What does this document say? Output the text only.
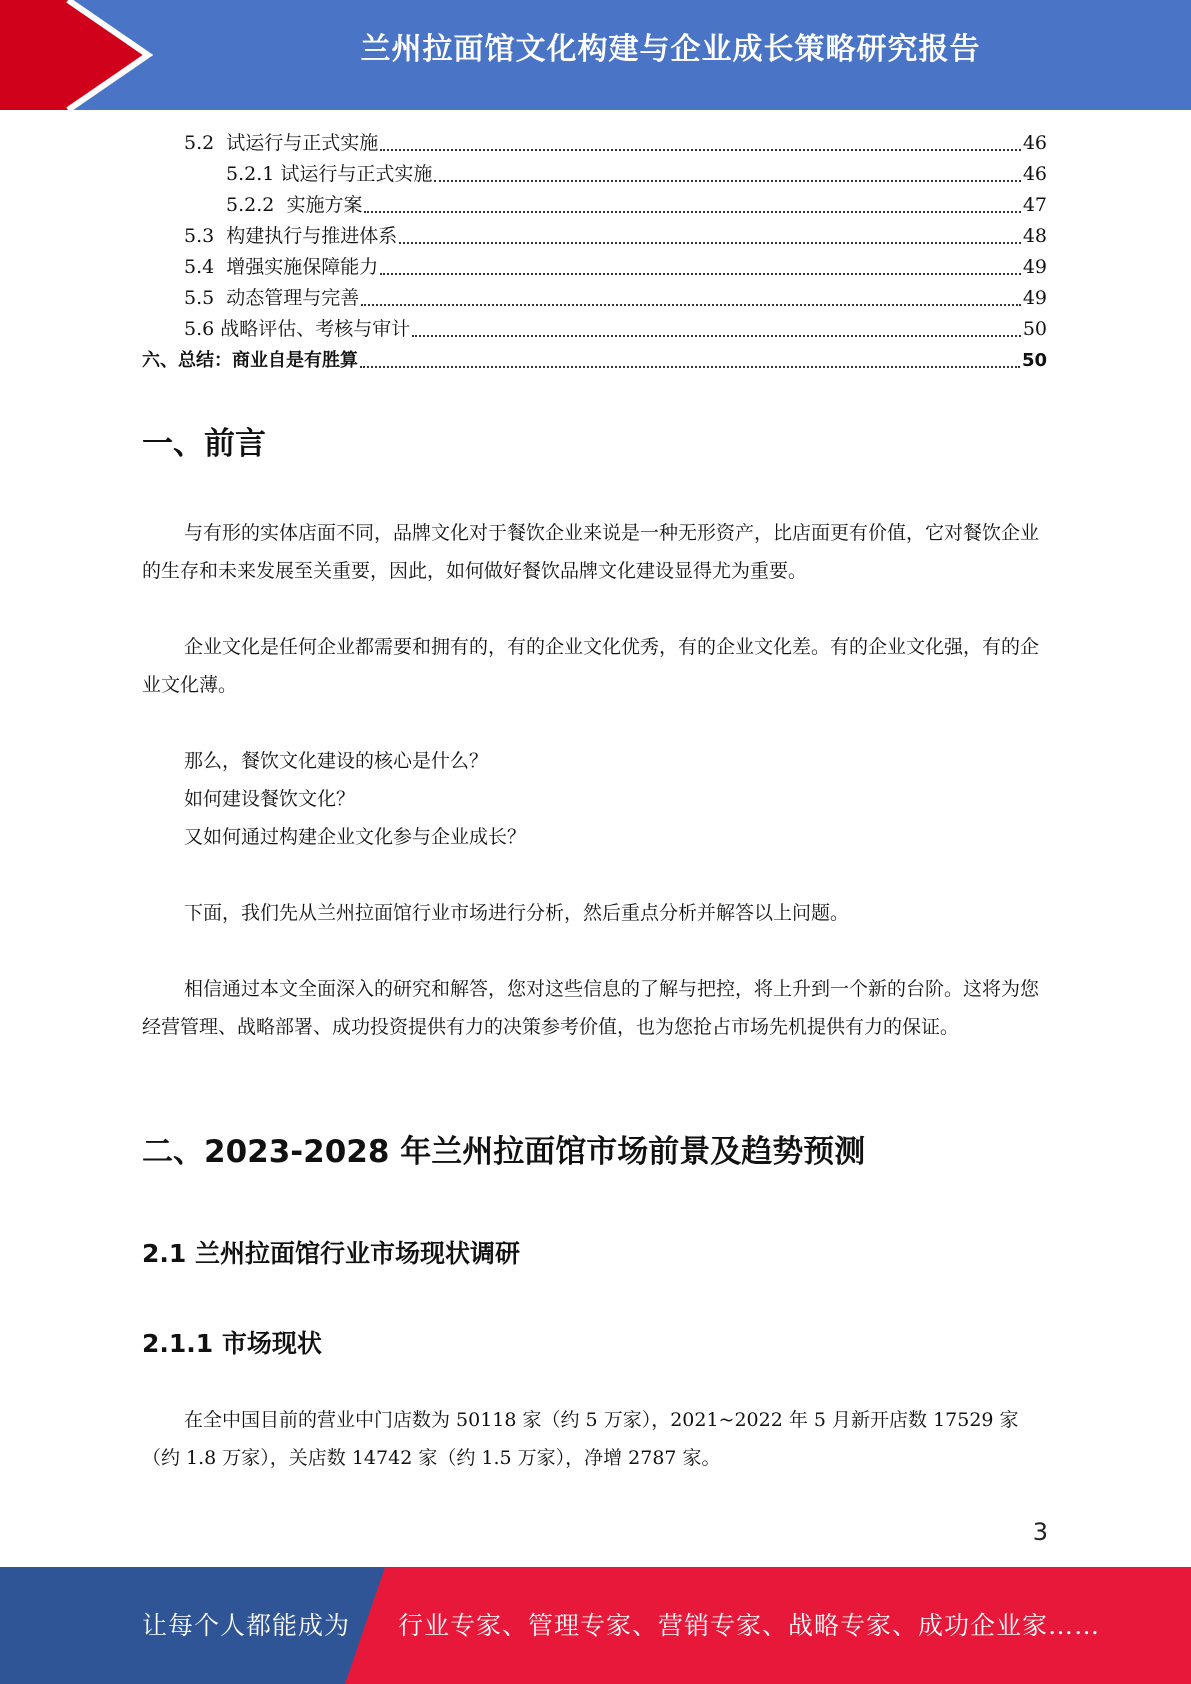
兰州拉面馆文化构建与企业成长策略研究报告
5.2 试运行与正式实施	46
5.2.1 试运行与正式实施	46
5.2.2 实施方案	47
5.3 构建执行与推进体系	48
5.4 增强实施保障能力	49
5.5 动态管理与完善	49
5.6 战略评估、考核与审计	50
六、 总结：商业自是有胜算	50
一、前言

与有形的实体店面不同，品牌文化对于餐饮企业来说是一种无形资产，比店面更有价值，它对餐饮企业的生存和未来发展至关重要，因此，如何做好餐饮品牌文化建设显得尤为重要。

企业文化是任何企业都需要和拥有的，有的企业文化优秀，有的企业文化差。有的企业文化强，有的企业文化薄。

那么，餐饮文化建设的核心是什么？

如何建设餐饮文化？

又如何通过构建企业文化参与企业成长？

下面，我们先从兰州拉面馆行业市场进行分析，然后重点分析并解答以上问题。

相信通过本文全面深入的研究和解答，您对这些信息的了解与把控，将上升到一个新的台阶。这将为您经营管理、战略部署、成功投资提供有力的决策参考价值，也为您抢占市场先机提供有力的保证。

二、2023-2028 年兰州拉面馆市场前景及趋势预测
2.1 兰州拉面馆行业市场现状调研
2.1.1 市场现状

在全中国目前的营业中门店数为 50118 家（约 5 万家），2021~2022 年 5 月新开店数 17529 家（约 1.8 万家），关店数 14742 家（约 1.5 万家），净增 2787 家。

3
让每个人都能成为 行业专家、管理专家、营销专家、战略专家、成功企业家……
